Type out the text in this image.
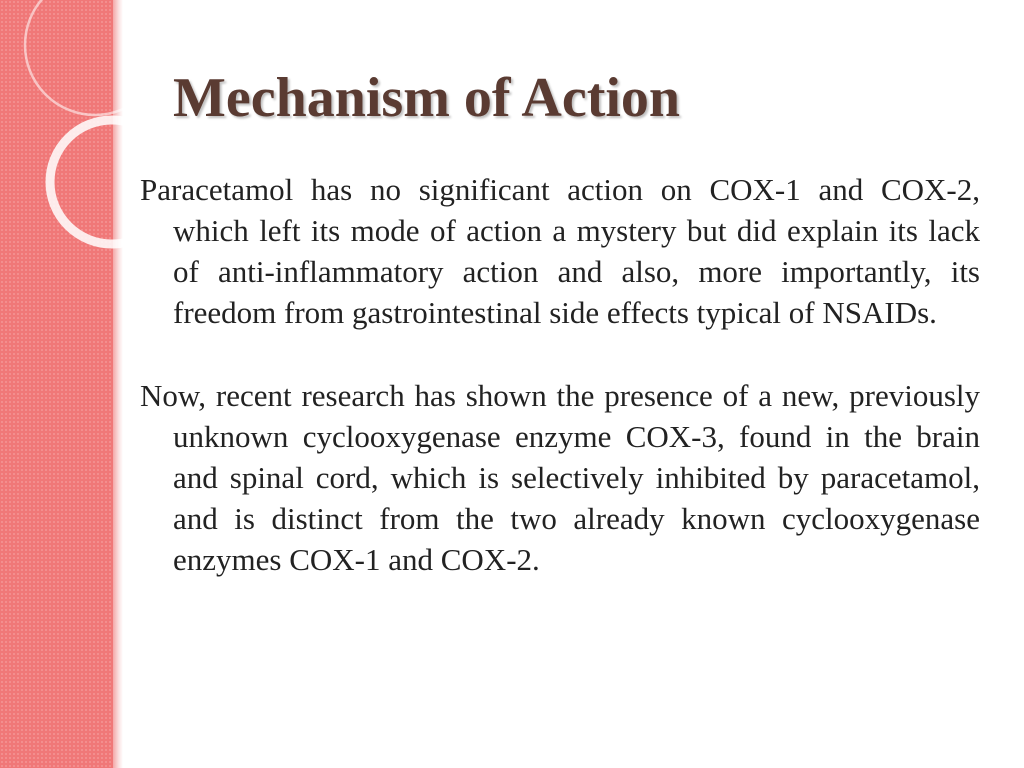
Mechanism of Action

Paracetamol has no significant action on COX-1 and COX-2, which left its mode of action a mystery but did explain its lack of anti-inflammatory action and also, more importantly, its freedom from gastrointestinal side effects typical of NSAIDs.

Now, recent research has shown the presence of a new, previously unknown cyclooxygenase enzyme COX-3, found in the brain and spinal cord, which is selectively inhibited by paracetamol, and is distinct from the two already known cyclooxygenase enzymes COX-1 and COX-2.
